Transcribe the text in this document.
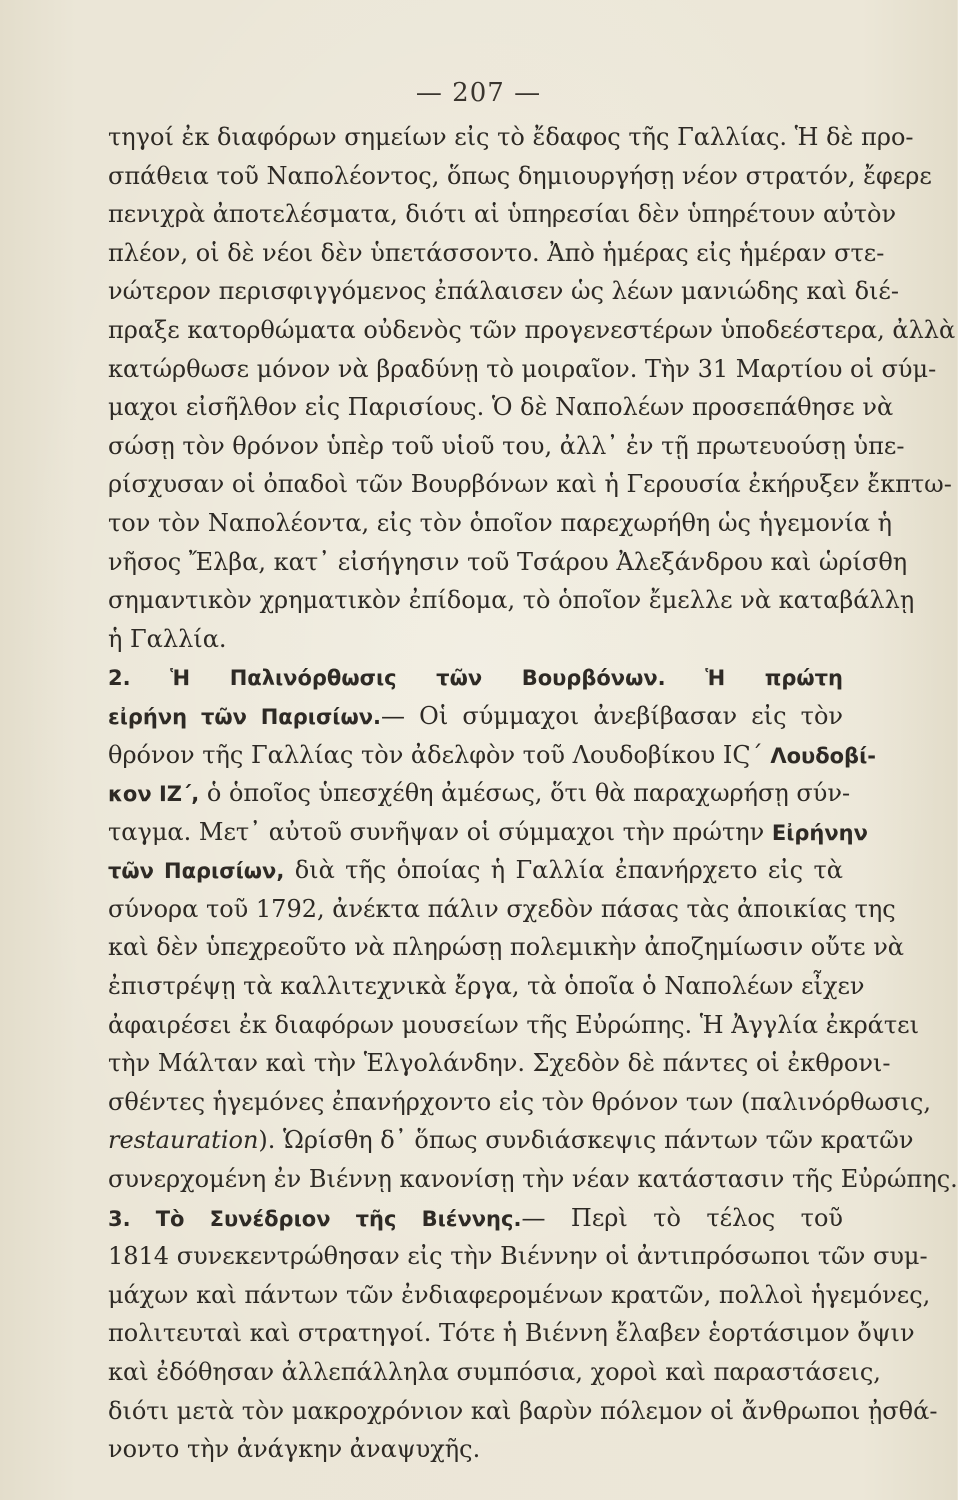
— 207 —
τηγοί ἐκ διαφόρων σημείων εἰς τὸ ἔδαφος τῆς Γαλλίας. Ἡ δὲ προ-
σπάθεια τοῦ Ναπολέοντος, ὅπως δημιουργήσῃ νέον στρατόν, ἔφερε
πενιχρὰ ἀποτελέσματα, διότι αἱ ὑπηρεσίαι δὲν ὑπηρέτουν αὐτὸν
πλέον, οἱ δὲ νέοι δὲν ὑπετάσσοντο. Ἀπὸ ἡμέρας εἰς ἡμέραν στε-
νώτερον περισφιγγόμενος ἐπάλαισεν ὡς λέων μανιώδης καὶ διέ-
πραξε κατορθώματα οὐδενὸς τῶν προγενεστέρων ὑποδεέστερα, ἀλλὰ
κατώρθωσε μόνον νὰ βραδύνῃ τὸ μοιραῖον. Τὴν 31 Μαρτίου οἱ σύμ-
μαχοι εἰσῆλθον εἰς Παρισίους. Ὁ δὲ Ναπολέων προσεπάθησε νὰ
σώσῃ τὸν θρόνον ὑπὲρ τοῦ υἱοῦ του, ἀλλ᾽ ἐν τῇ πρωτευούσῃ ὑπε-
ρίσχυσαν οἱ ὀπαδοὶ τῶν Βουρβόνων καὶ ἡ Γερουσία ἐκήρυξεν ἔκπτω-
τον τὸν Ναπολέοντα, εἰς τὸν ὁποῖον παρεχωρήθη ὡς ἡγεμονία ἡ
νῆσος Ἔλβα, κατ᾽ εἰσήγησιν τοῦ Τσάρου Ἀλεξάνδρου καὶ ὡρίσθη
σημαντικὸν χρηματικὸν ἐπίδομα, τὸ ὁποῖον ἔμελλε νὰ καταβάλλῃ
ἡ Γαλλία.
2. Ἡ Παλινόρθωσις τῶν Βουρβόνων. Ἡ πρώτη
εἰρήνη τῶν Παρισίων.— Οἱ σύμμαχοι ἀνεβίβασαν εἰς τὸν
θρόνον τῆς Γαλλίας τὸν ἀδελφὸν τοῦ Λουδοβίκου ΙϚ΄ Λουδοβί-
κον ΙΖ΄, ὁ ὁποῖος ὑπεσχέθη ἀμέσως, ὅτι θὰ παραχωρήσῃ σύν-
ταγμα. Μετ᾽ αὐτοῦ συνῆψαν οἱ σύμμαχοι τὴν πρώτην Εἰρήνην
τῶν Παρισίων, διὰ τῆς ὁποίας ἡ Γαλλία ἐπανήρχετο εἰς τὰ
σύνορα τοῦ 1792, ἀνέκτα πάλιν σχεδὸν πάσας τὰς ἀποικίας της
καὶ δὲν ὑπεχρεοῦτο νὰ πληρώσῃ πολεμικὴν ἀποζημίωσιν οὔτε νὰ
ἐπιστρέψῃ τὰ καλλιτεχνικὰ ἔργα, τὰ ὁποῖα ὁ Ναπολέων εἶχεν
ἀφαιρέσει ἐκ διαφόρων μουσείων τῆς Εὐρώπης. Ἡ Ἀγγλία ἐκράτει
τὴν Μάλταν καὶ τὴν Ἑλγολάνδην. Σχεδὸν δὲ πάντες οἱ ἐκθρονι-
σθέντες ἡγεμόνες ἐπανήρχοντο εἰς τὸν θρόνον των (παλινόρθωσις,
restauration). Ὡρίσθη δ᾽ ὅπως συνδιάσκεψις πάντων τῶν κρατῶν
συνερχομένη ἐν Βιέννῃ κανονίσῃ τὴν νέαν κατάστασιν τῆς Εὐρώπης.
3. Τὸ Συνέδριον τῆς Βιέννης.— Περὶ τὸ τέλος τοῦ
1814 συνεκεντρώθησαν εἰς τὴν Βιέννην οἱ ἀντιπρόσωποι τῶν συμ-
μάχων καὶ πάντων τῶν ἐνδιαφερομένων κρατῶν, πολλοὶ ἡγεμόνες,
πολιτευταὶ καὶ στρατηγοί. Τότε ἡ Βιέννη ἔλαβεν ἑορτάσιμον ὄψιν
καὶ ἐδόθησαν ἀλλεπάλληλα συμπόσια, χοροὶ καὶ παραστάσεις,
διότι μετὰ τὸν μακροχρόνιον καὶ βαρὺν πόλεμον οἱ ἄνθρωποι ᾐσθά-
νοντο τὴν ἀνάγκην ἀναψυχῆς.
